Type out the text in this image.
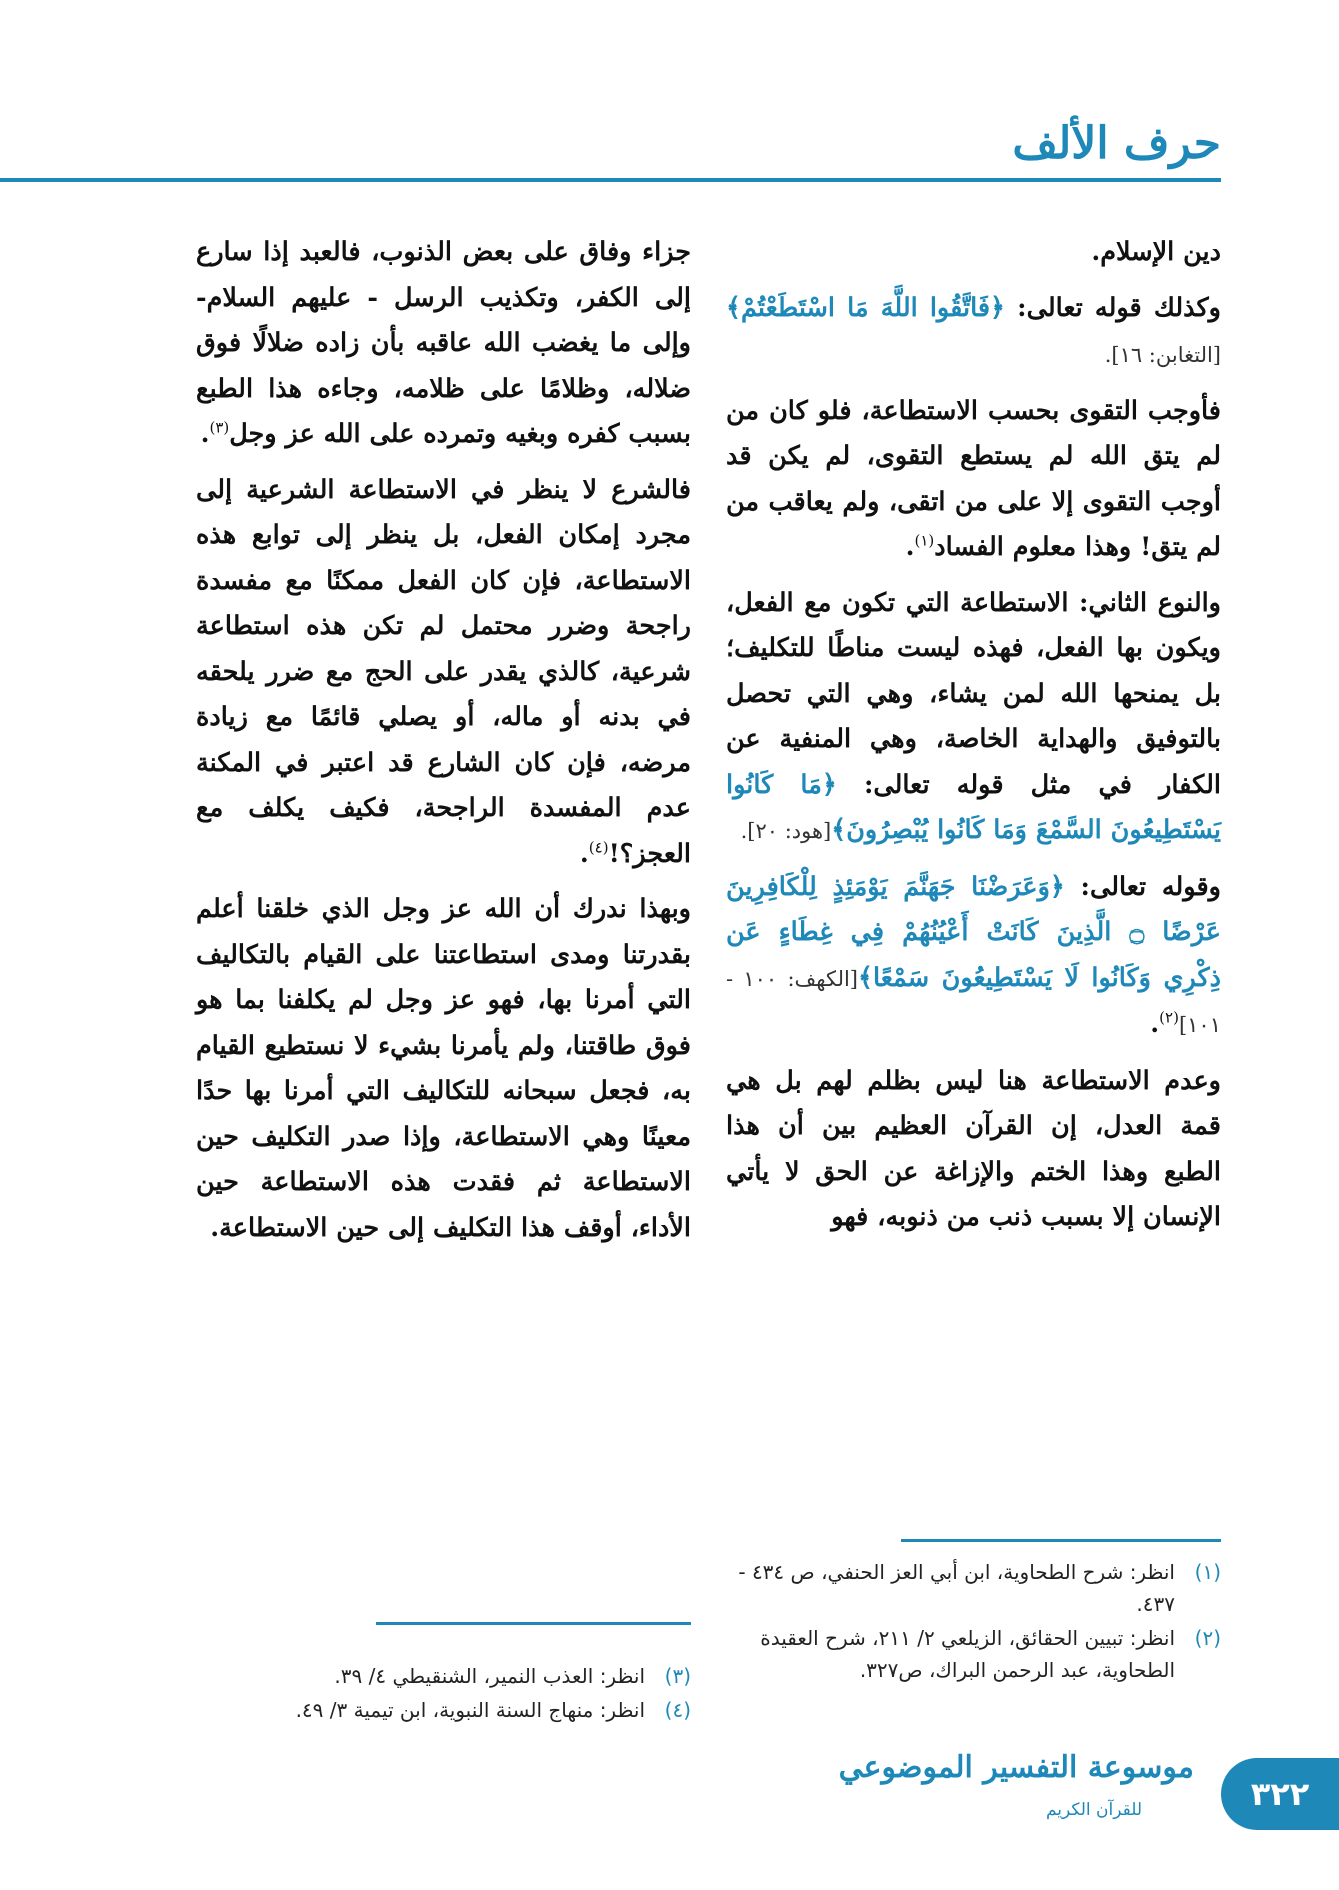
حرف الألف

دين الإسلام.

وكذلك قوله تعالى: ﴿فَاتَّقُوا اللَّهَ مَا اسْتَطَعْتُمْ﴾ [التغابن: ١٦].

فأوجب التقوى بحسب الاستطاعة، فلو كان من لم يتق الله لم يستطع التقوى، لم يكن قد أوجب التقوى إلا على من اتقى، ولم يعاقب من لم يتق! وهذا معلوم الفساد$^{(١)}$.

والنوع الثاني: الاستطاعة التي تكون مع الفعل، ويكون بها الفعل، فهذه ليست مناطًا للتكليف؛ بل يمنحها الله لمن يشاء، وهي التي تحصل بالتوفيق والهداية الخاصة، وهي المنفية عن الكفار في مثل قوله تعالى: ﴿مَا كَانُوا يَسْتَطِيعُونَ السَّمْعَ وَمَا كَانُوا يُبْصِرُونَ﴾[هود: ٢٠].

وقوله تعالى: ﴿وَعَرَضْنَا جَهَنَّمَ يَوْمَئِذٍ لِلْكَافِرِينَ عَرْضًا ۝ الَّذِينَ كَانَتْ أَعْيُنُهُمْ فِي غِطَاءٍ عَن ذِكْرِي وَكَانُوا لَا يَسْتَطِيعُونَ سَمْعًا﴾[الكهف: ١٠٠ - ١٠١]$^{(٢)}$.

وعدم الاستطاعة هنا ليس بظلم لهم بل هي قمة العدل، إن القرآن العظيم بين أن هذا الطبع وهذا الختم والإزاغة عن الحق لا يأتي الإنسان إلا بسبب ذنب من ذنوبه، فهو

جزاء وفاق على بعض الذنوب، فالعبد إذا سارع إلى الكفر، وتكذيب الرسل - عليهم السلام- وإلى ما يغضب الله عاقبه بأن زاده ضلالًا فوق ضلاله، وظلامًا على ظلامه، وجاءه هذا الطبع بسبب كفره وبغيه وتمرده على الله عز وجل$^{(٣)}$.

فالشرع لا ينظر في الاستطاعة الشرعية إلى مجرد إمكان الفعل، بل ينظر إلى توابع هذه الاستطاعة، فإن كان الفعل ممكنًا مع مفسدة راجحة وضرر محتمل لم تكن هذه استطاعة شرعية، كالذي يقدر على الحج مع ضرر يلحقه في بدنه أو ماله، أو يصلي قائمًا مع زيادة مرضه، فإن كان الشارع قد اعتبر في المكنة عدم المفسدة الراجحة، فكيف يكلف مع العجز؟!$^{(٤)}$.

وبهذا ندرك أن الله عز وجل الذي خلقنا أعلم بقدرتنا ومدى استطاعتنا على القيام بالتكاليف التي أمرنا بها، فهو عز وجل لم يكلفنا بما هو فوق طاقتنا، ولم يأمرنا بشيء لا نستطيع القيام به، فجعل سبحانه للتكاليف التي أمرنا بها حدًا معينًا وهي الاستطاعة، وإذا صدر التكليف حين الاستطاعة ثم فقدت هذه الاستطاعة حين الأداء، أوقف هذا التكليف إلى حين الاستطاعة.

(١)
انظر: شرح الطحاوية، ابن أبي العز الحنفي، ص ٤٣٤ - ٤٣٧.
(٢)
انظر: تبيين الحقائق، الزيلعي ٢/ ٢١١، شرح العقيدة الطحاوية، عبد الرحمن البراك، ص٣٢٧.
(٣)
انظر: العذب النمير، الشنقيطي ٤/ ٣٩.
(٤)
انظر: منهاج السنة النبوية، ابن تيمية ٣/ ٤٩.
٣٢٢
موسوعة التفسير الموضوعي
للقرآن الكريم
